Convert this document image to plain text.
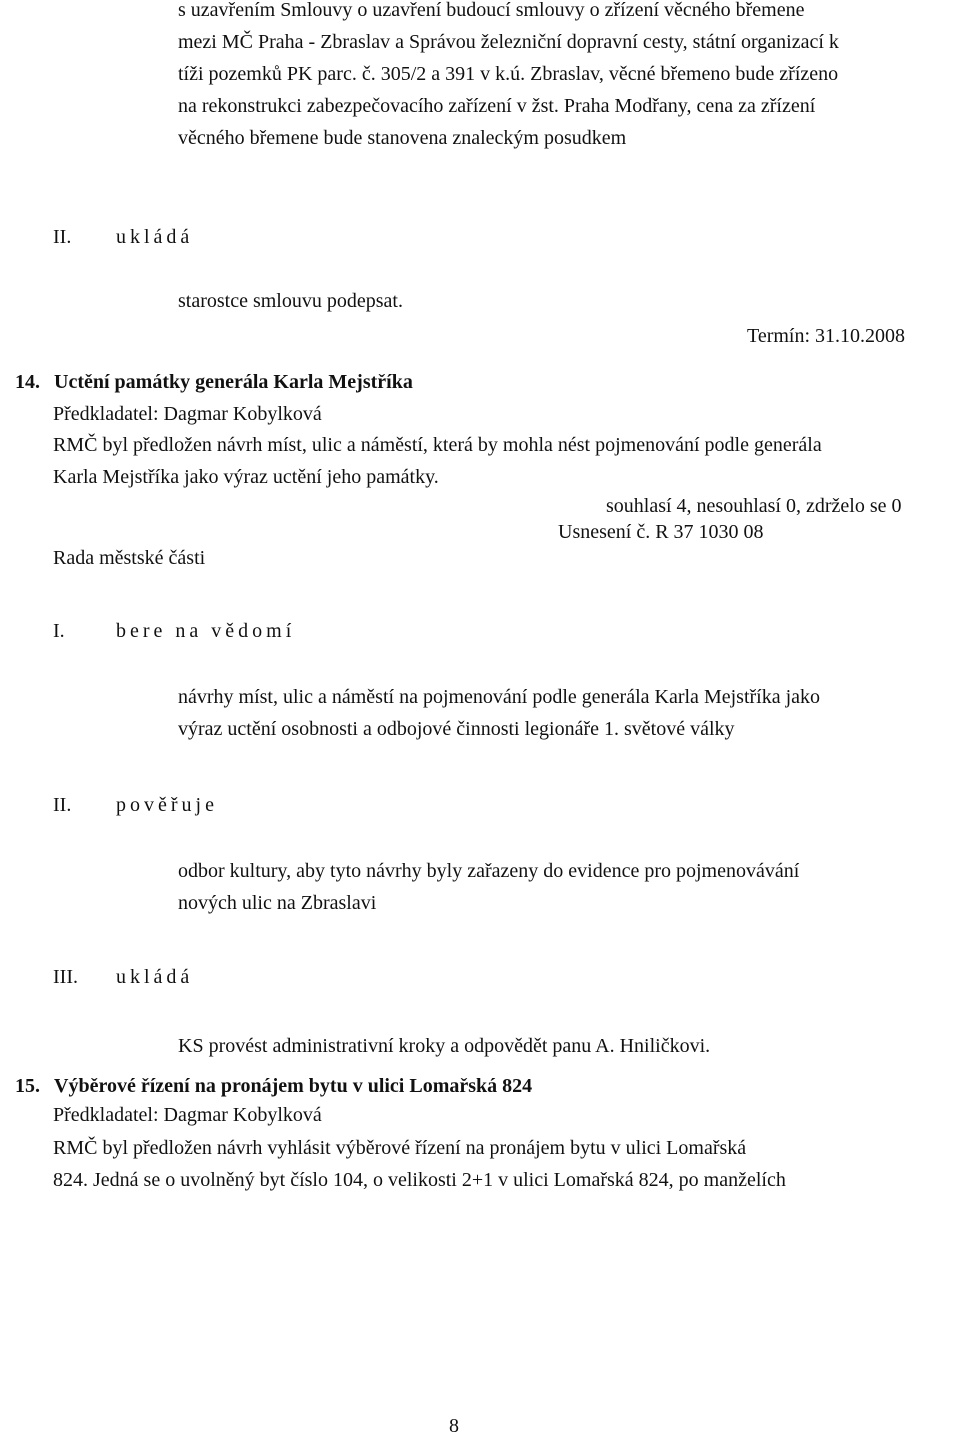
s uzavřením Smlouvy o uzavření budoucí smlouvy o zřízení věcného břemene
mezi MČ Praha - Zbraslav a Správou železniční dopravní cesty, státní organizací k
tíži pozemků PK parc. č. 305/2 a 391 v k.ú. Zbraslav, věcné břemeno bude zřízeno
na rekonstrukci zabezpečovacího zařízení v žst. Praha Modřany, cena za zřízení
věcného břemene bude stanovena znaleckým posudkem
II. ukládá
starostce smlouvu podepsat.
Termín: 31.10.2008
14. Uctění památky generála Karla Mejstříka
Předkladatel: Dagmar Kobylková
RMČ byl předložen návrh míst, ulic a náměstí, která by mohla nést pojmenování podle generála
Karla Mejstříka jako výraz uctění jeho památky.
souhlasí 4, nesouhlasí 0, zdrželo se 0
Usnesení č. R 37 1030 08
Rada městské části
I.	bere na vědomí
návrhy míst, ulic a náměstí na pojmenování podle generála Karla Mejstříka jako
výraz uctění osobnosti a odbojové činnosti legionáře 1. světové války
II. pověřuje
odbor kultury, aby tyto návrhy byly zařazeny do evidence pro pojmenovávání
nových ulic na Zbraslavi
III. ukládá
KS provést administrativní kroky a odpovědět panu A. Hniličkovi.
15. Výběrové řízení na pronájem bytu v ulici Lomařská 824
Předkladatel: Dagmar Kobylková
RMČ byl předložen návrh vyhlásit výběrové řízení na pronájem bytu v ulici Lomařská
824. Jedná se o uvolněný byt číslo 104, o velikosti 2+1 v ulici Lomařská 824, po manželích
8
